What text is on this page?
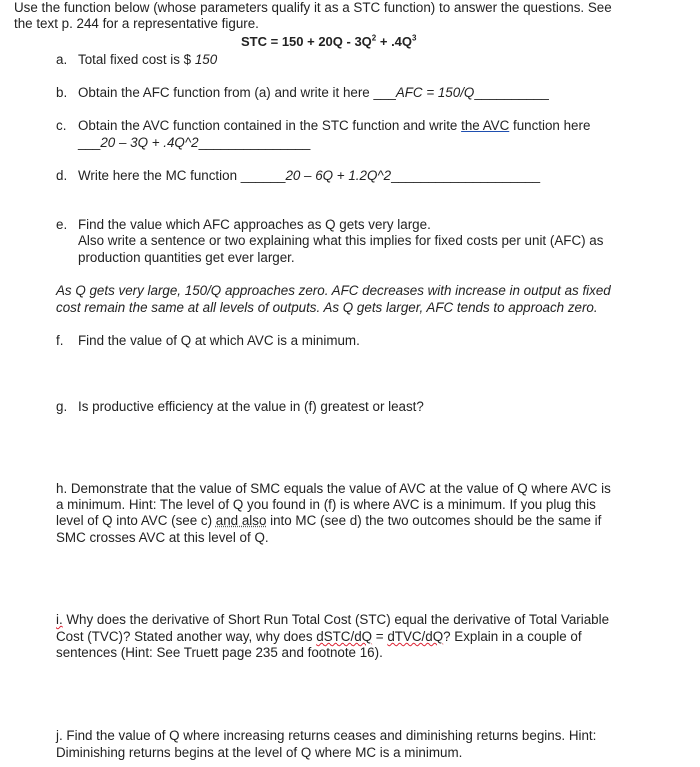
Use the function below (whose parameters qualify it as a STC function) to answer the questions. See
the text p. 244 for a representative figure.
STC = $150 + 20Q - 3Q^2 + .4Q^3$
a. Total fixed cost is $ 150
b. Obtain the AFC function from (a) and write it here ___AFC = 150/Q__________
c. Obtain the AVC function contained in the STC function and write the AVC function here
___20 – 3Q + .4Q^2_______________
d. Write here the MC function ______20 – 6Q + 1.2Q^2____________________
e. Find the value which AFC approaches as Q gets very large.
Also write a sentence or two explaining what this implies for fixed costs per unit (AFC) as
production quantities get ever larger.
As Q gets very large, 150/Q approaches zero. AFC decreases with increase in output as fixed
cost remain the same at all levels of outputs. As Q gets larger, AFC tends to approach zero.
f. Find the value of Q at which AVC is a minimum.
g. Is productive efficiency at the value in (f) greatest or least?
h. Demonstrate that the value of SMC equals the value of AVC at the value of Q where AVC is
a minimum. Hint: The level of Q you found in (f) is where AVC is a minimum. If you plug this
level of Q into AVC (see c) and also into MC (see d) the two outcomes should be the same if
SMC crosses AVC at this level of Q.
i. Why does the derivative of Short Run Total Cost (STC) equal the derivative of Total Variable
Cost (TVC)? Stated another way, why does dSTC/dQ = dTVC/dQ? Explain in a couple of
sentences (Hint: See Truett page 235 and footnote 16).
j. Find the value of Q where increasing returns ceases and diminishing returns begins. Hint:
Diminishing returns begins at the level of Q where MC is a minimum.
